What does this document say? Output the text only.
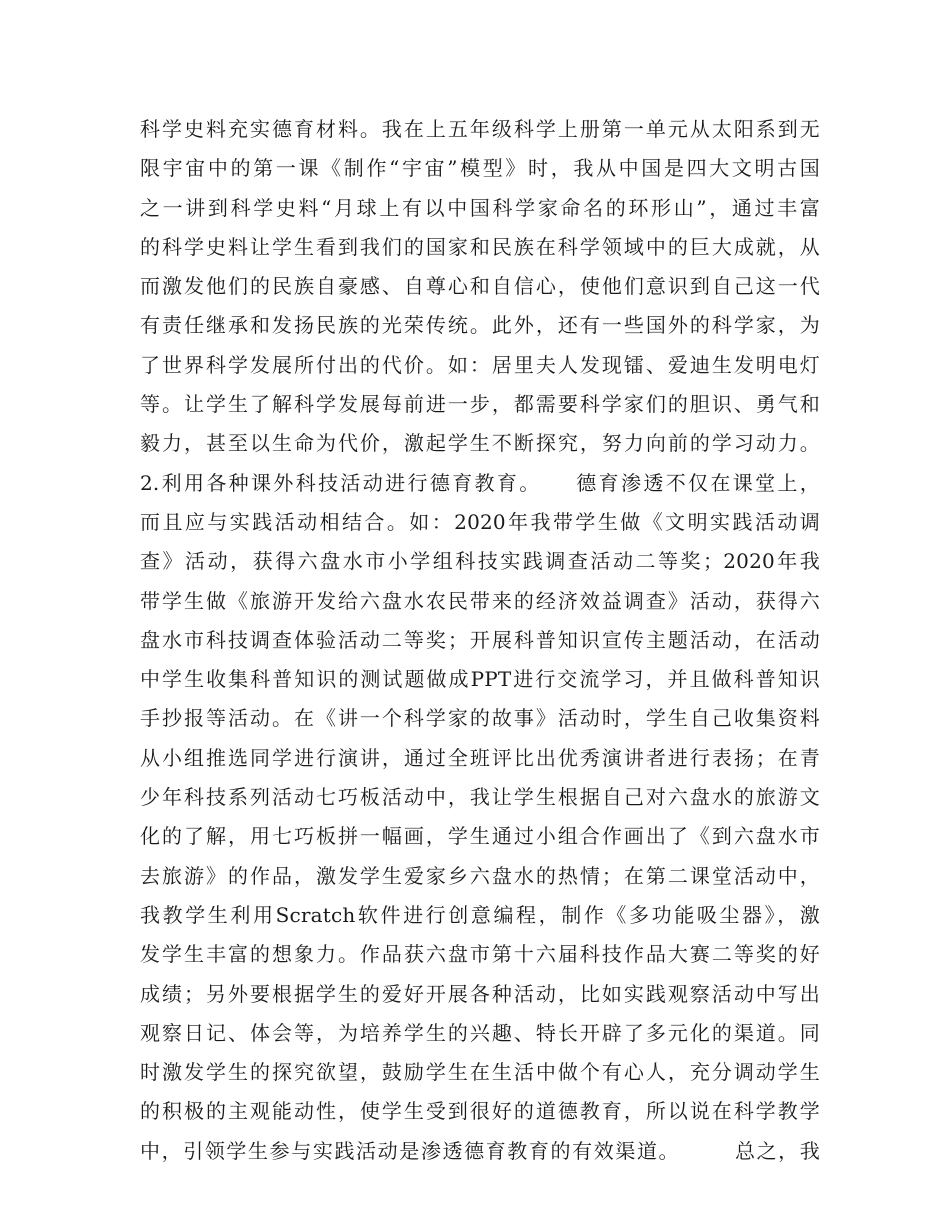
科学史料充实德育材料。我在上五年级科学上册第一单元从太阳系到无
限宇宙中的第一课《制作“宇宙”模型》时，我从中国是四大文明古国
之一讲到科学史料“月球上有以中国科学家命名的环形山”，通过丰富
的科学史料让学生看到我们的国家和民族在科学领域中的巨大成就，从
而激发他们的民族自豪感、自尊心和自信心，使他们意识到自己这一代
有责任继承和发扬民族的光荣传统。此外，还有一些国外的科学家，为
了世界科学发展所付出的代价。如：居里夫人发现镭、爱迪生发明电灯
等。让学生了解科学发展每前进一步，都需要科学家们的胆识、勇气和
毅力，甚至以生命为代价，激起学生不断探究，努力向前的学习动力。
2.利用各种课外科技活动进行德育教育。　　德育渗透不仅在课堂上，
而且应与实践活动相结合。如：2020年我带学生做《文明实践活动调
查》活动，获得六盘水市小学组科技实践调查活动二等奖；2020年我
带学生做《旅游开发给六盘水农民带来的经济效益调查》活动，获得六
盘水市科技调查体验活动二等奖；开展科普知识宣传主题活动，在活动
中学生收集科普知识的测试题做成PPT进行交流学习，并且做科普知识
手抄报等活动。在《讲一个科学家的故事》活动时，学生自己收集资料
从小组推选同学进行演讲，通过全班评比出优秀演讲者进行表扬；在青
少年科技系列活动七巧板活动中，我让学生根据自己对六盘水的旅游文
化的了解，用七巧板拼一幅画，学生通过小组合作画出了《到六盘水市
去旅游》的作品，激发学生爱家乡六盘水的热情；在第二课堂活动中，
我教学生利用Scratch软件进行创意编程，制作《多功能吸尘器》，激
发学生丰富的想象力。作品获六盘市第十六届科技作品大赛二等奖的好
成绩；另外要根据学生的爱好开展各种活动，比如实践观察活动中写出
观察日记、体会等，为培养学生的兴趣、特长开辟了多元化的渠道。同
时激发学生的探究欲望，鼓励学生在生活中做个有心人，充分调动学生
的积极的主观能动性，使学生受到很好的道德教育，所以说在科学教学
中，引领学生参与实践活动是渗透德育教育的有效渠道。　　　总之，我
